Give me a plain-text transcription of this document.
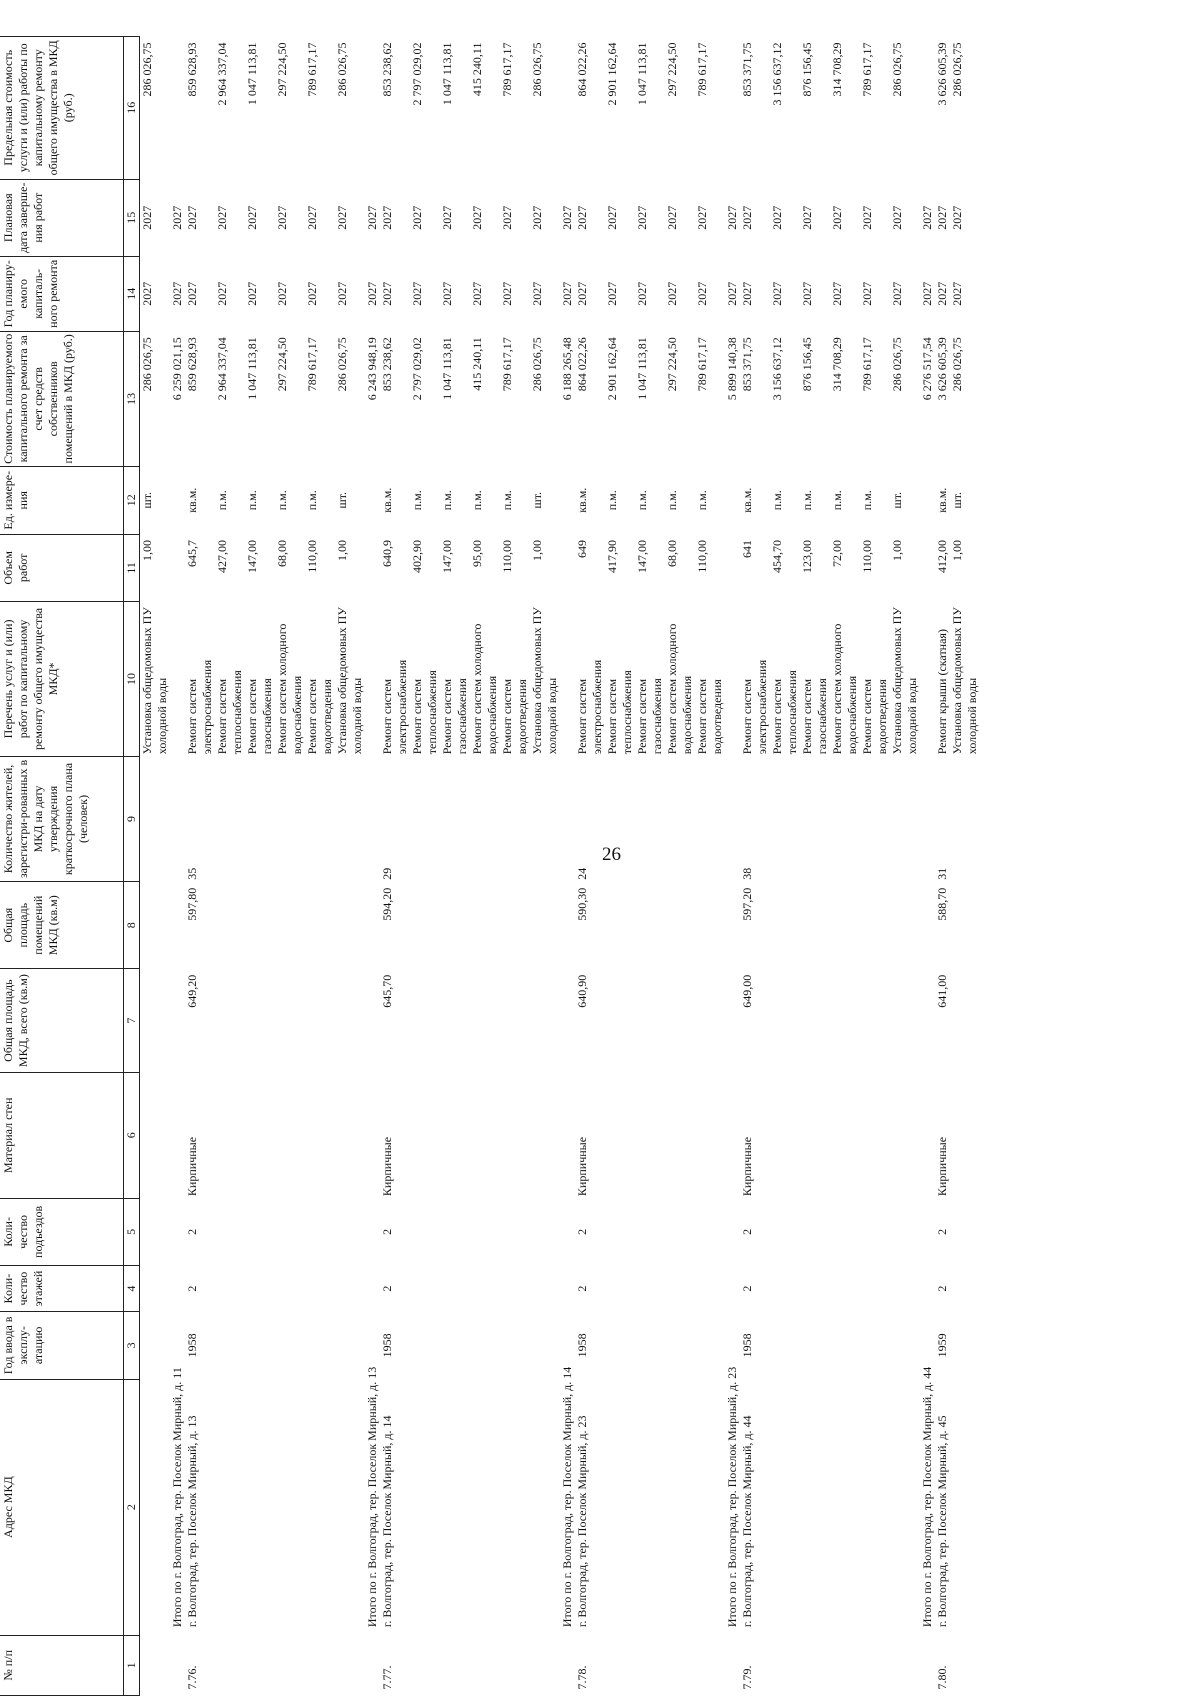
26
№ п/п	Адрес МКД	Год ввода в эксплу-атацию	Коли-чество этажей	Коли-чество подъездов	Материал стен	Общая площадь МКД, всего (кв.м)	Общая площадь помещений МКД (кв.м)	Количество жителей, зарегистри-рованных в МКД на дату утверждения краткосрочного плана (человек)	Перечень услуг и (или) работ по капитальному ремонту общего имущества МКД*	Объем работ	Ед. измере-ния	Стоимость планируемого капитального ремонта за счет средств собственников помещений в МКД (руб.)	Год планиру-емого капиталь-ного ремонта	Плановая дата заверше-ния работ	Предельная стоимость услуги и (или) работы по капитальному ремонту общего имущества в МКД (руб.)
1	2	3	4	5	6	7	8	9	10	11	12	13	14	15	16
									Установка общедомовых ПУ холодной воды	1,00	шт.	286 026,75	2027	2027	286 026,75
	Итого по г. Волгоград, тер. Поселок Мирный, д. 11											6 259 021,15	2027	2027	
7.76.	г. Волгоград, тер. Поселок Мирный, д. 13	1958	2	2	Кирпичные	649,20	597,80	35	Ремонт систем электроснабжения	645,7	кв.м.	859 628,93	2027	2027	859 628,93
									Ремонт систем теплоснабжения	427,00	п.м.	2 964 337,04	2027	2027	2 964 337,04
									Ремонт систем газоснабжения	147,00	п.м.	1 047 113,81	2027	2027	1 047 113,81
									Ремонт систем холодного водоснабжения	68,00	п.м.	297 224,50	2027	2027	297 224,50
									Ремонт систем водоотведения	110,00	п.м.	789 617,17	2027	2027	789 617,17
									Установка общедомовых ПУ холодной воды	1,00	шт.	286 026,75	2027	2027	286 026,75
	Итого по г. Волгоград, тер. Поселок Мирный, д. 13											6 243 948,19	2027	2027	
7.77.	г. Волгоград, тер. Поселок Мирный, д. 14	1958	2	2	Кирпичные	645,70	594,20	29	Ремонт систем электроснабжения	640,9	кв.м.	853 238,62	2027	2027	853 238,62
									Ремонт систем теплоснабжения	402,90	п.м.	2 797 029,02	2027	2027	2 797 029,02
									Ремонт систем газоснабжения	147,00	п.м.	1 047 113,81	2027	2027	1 047 113,81
									Ремонт систем холодного водоснабжения	95,00	п.м.	415 240,11	2027	2027	415 240,11
									Ремонт систем водоотведения	110,00	п.м.	789 617,17	2027	2027	789 617,17
									Установка общедомовых ПУ холодной воды	1,00	шт.	286 026,75	2027	2027	286 026,75
	Итого по г. Волгоград, тер. Поселок Мирный, д. 14											6 188 265,48	2027	2027	
7.78.	г. Волгоград, тер. Поселок Мирный, д. 23	1958	2	2	Кирпичные	640,90	590,30	24	Ремонт систем электроснабжения	649	кв.м.	864 022,26	2027	2027	864 022,26
									Ремонт систем теплоснабжения	417,90	п.м.	2 901 162,64	2027	2027	2 901 162,64
									Ремонт систем газоснабжения	147,00	п.м.	1 047 113,81	2027	2027	1 047 113,81
									Ремонт систем холодного водоснабжения	68,00	п.м.	297 224,50	2027	2027	297 224,50
									Ремонт систем водоотведения	110,00	п.м.	789 617,17	2027	2027	789 617,17
	Итого по г. Волгоград, тер. Поселок Мирный, д. 23											5 899 140,38	2027	2027	
7.79.	г. Волгоград, тер. Поселок Мирный, д. 44	1958	2	2	Кирпичные	649,00	597,20	38	Ремонт систем электроснабжения	641	кв.м.	853 371,75	2027	2027	853 371,75
									Ремонт систем теплоснабжения	454,70	п.м.	3 156 637,12	2027	2027	3 156 637,12
									Ремонт систем газоснабжения	123,00	п.м.	876 156,45	2027	2027	876 156,45
									Ремонт систем холодного водоснабжения	72,00	п.м.	314 708,29	2027	2027	314 708,29
									Ремонт систем водоотведения	110,00	п.м.	789 617,17	2027	2027	789 617,17
									Установка общедомовых ПУ холодной воды	1,00	шт.	286 026,75	2027	2027	286 026,75
	Итого по г. Волгоград, тер. Поселок Мирный, д. 44											6 276 517,54	2027	2027	
7.80.	г. Волгоград, тер. Поселок Мирный, д. 45	1959	2	2	Кирпичные	641,00	588,70	31	Ремонт крыши (скатная)	412,00	кв.м.	3 626 605,39	2027	2027	3 626 605,39
									Установка общедомовых ПУ холодной воды	1,00	шт.	286 026,75	2027	2027	286 026,75
